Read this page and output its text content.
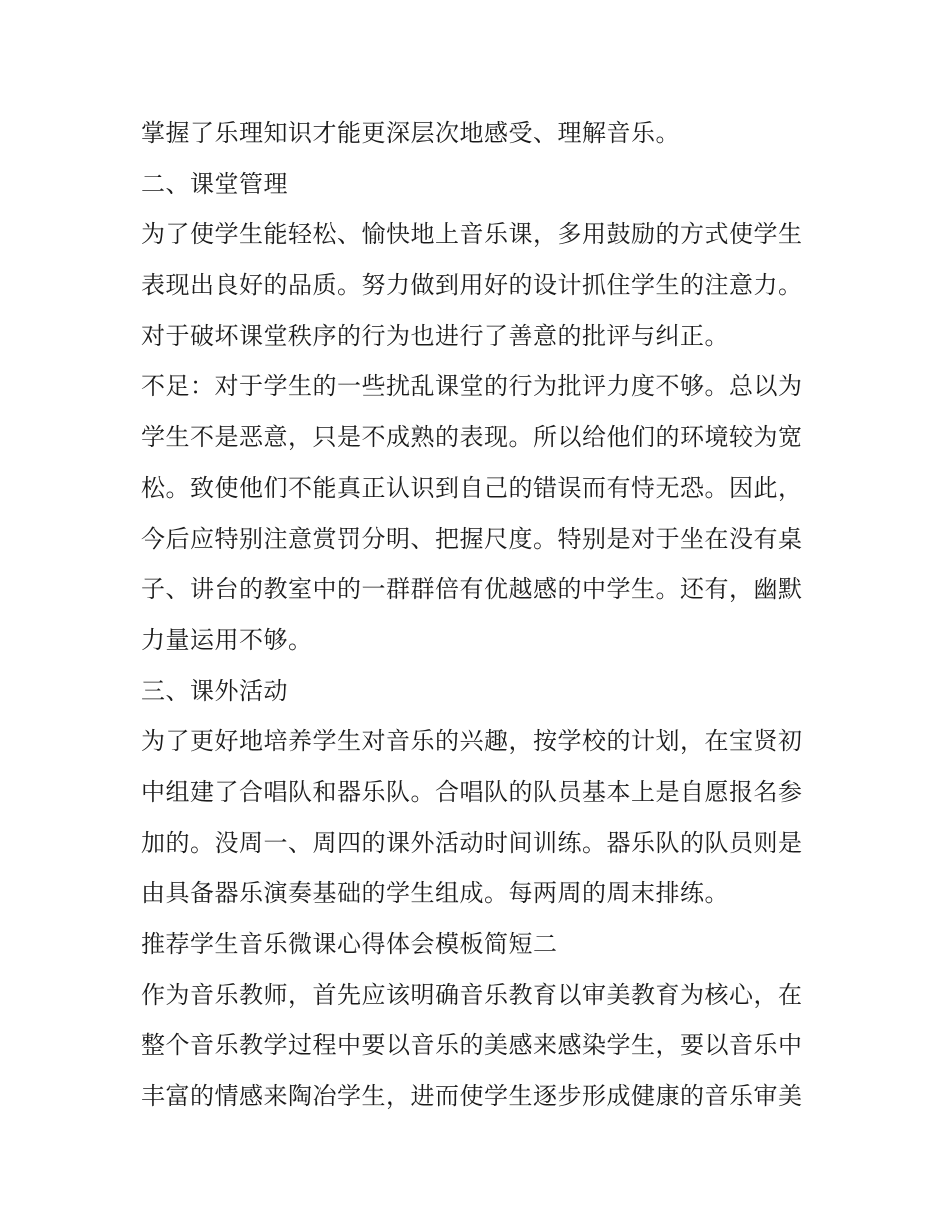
掌握了乐理知识才能更深层次地感受、理解音乐。
二、课堂管理
为了使学生能轻松、愉快地上音乐课，多用鼓励的方式使学生
表现出良好的品质。努力做到用好的设计抓住学生的注意力。
对于破坏课堂秩序的行为也进行了善意的批评与纠正。
不足：对于学生的一些扰乱课堂的行为批评力度不够。总以为
学生不是恶意，只是不成熟的表现。所以给他们的环境较为宽
松。致使他们不能真正认识到自己的错误而有恃无恐。因此，
今后应特别注意赏罚分明、把握尺度。特别是对于坐在没有桌
子、讲台的教室中的一群群倍有优越感的中学生。还有，幽默
力量运用不够。
三、课外活动
为了更好地培养学生对音乐的兴趣，按学校的计划，在宝贤初
中组建了合唱队和器乐队。合唱队的队员基本上是自愿报名参
加的。没周一、周四的课外活动时间训练。器乐队的队员则是
由具备器乐演奏基础的学生组成。每两周的周末排练。
推荐学生音乐微课心得体会模板简短二
作为音乐教师，首先应该明确音乐教育以审美教育为核心，在
整个音乐教学过程中要以音乐的美感来感染学生，要以音乐中
丰富的情感来陶冶学生，进而使学生逐步形成健康的音乐审美
